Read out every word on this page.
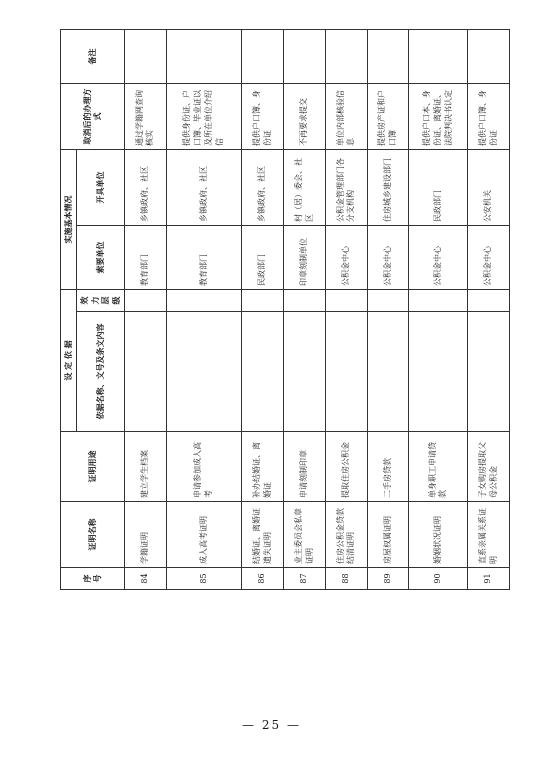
序号	证明名称	证明用途	设 定 依 据		实施基本情况		取消后的办理方式	备注
			依据名称、文号及条文内容	效力层级	索要单位	开具单位		
84	学籍证明	建立学生档案			教育部门	乡镇政府、社区	通过学籍网查询核实	
85	成人高考证明	申请参加成人高考			教育部门	乡镇政府、社区	提供身份证、户口簿、毕业证以及所在单位介绍信	
86	结婚证、离婚证遗失证明	补办结婚证、离婚证			民政部门	乡镇政府、社区	提供户口簿、身份证	
87	业主委员会私章证明	申请刻制印章			印章刻制单位	村（居）委会、社区	不再要求提交	
88	住房公积金贷款结清证明	提取住房公积金			公积金中心	公积金管理部门各分支机构	单位内部核验信息	
89	房屋权属证明	二手房贷款			公积金中心	住房城乡建设部门	提供房产证和户口簿	
90	婚姻状况证明	单身职工申请贷款			公积金中心	民政部门	提供户口本、身份证、离婚证、法院判决书认定	
91	直系亲属关系证明	子女购房提取父母公积金			公积金中心	公安机关	提供户口簿、身份证	
— 25 —
